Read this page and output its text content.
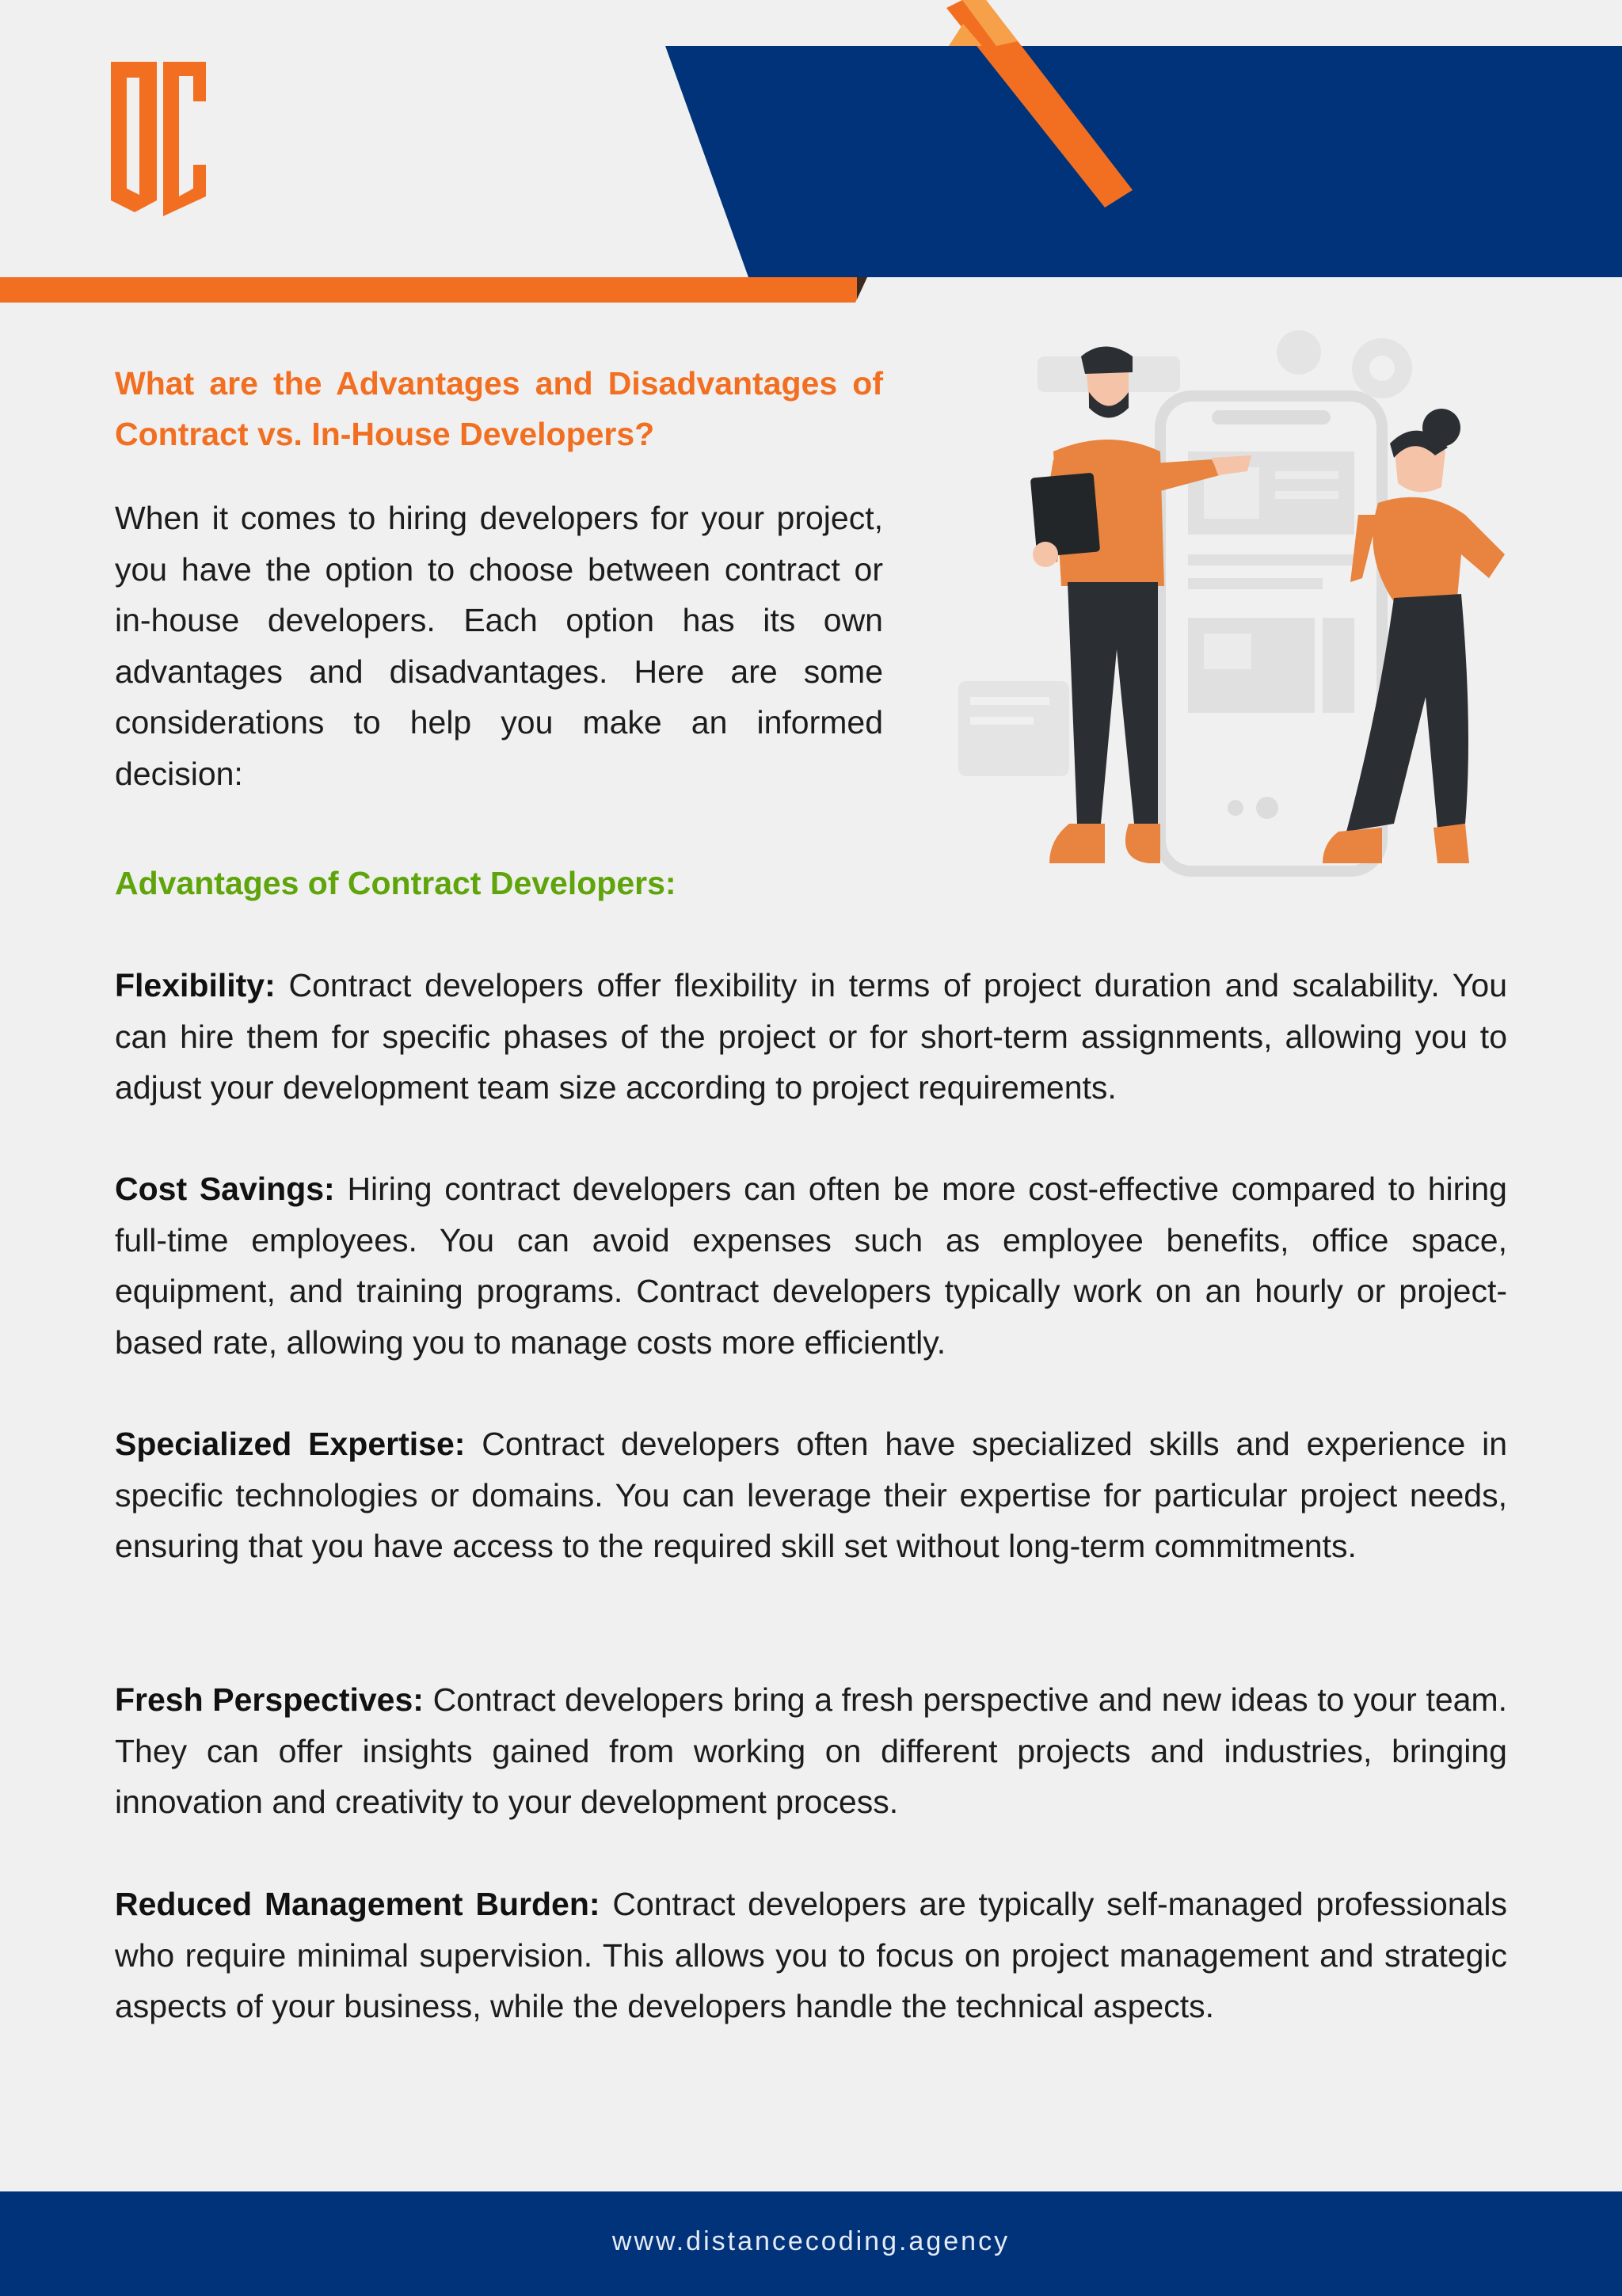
What are the Advantages and Disadvantages of Contract vs. In-House Developers?

When it comes to hiring developers for your project, you have the option to choose between contract or in-house developers. Each option has its own advantages and disadvantages. Here are some considerations to help you make an informed decision:

Advantages of Contract Developers:

Flexibility: Contract developers offer flexibility in terms of project duration and scalability. You can hire them for specific phases of the project or for short-term assignments, allowing you to adjust your development team size according to project requirements.

Cost Savings: Hiring contract developers can often be more cost-effective compared to hiring full-time employees. You can avoid expenses such as employee benefits, office space, equipment, and training programs. Contract developers typically work on an hourly or project-based rate, allowing you to manage costs more efficiently.

Specialized Expertise: Contract developers often have specialized skills and experience in specific technologies or domains. You can leverage their expertise for particular project needs, ensuring that you have access to the required skill set without long-term commitments.

Fresh Perspectives: Contract developers bring a fresh perspective and new ideas to your team. They can offer insights gained from working on different projects and industries, bringing innovation and creativity to your development process.

Reduced Management Burden: Contract developers are typically self-managed professionals who require minimal supervision. This allows you to focus on project management and strategic aspects of your business, while the developers handle the technical aspects.

www.distancecoding.agency
